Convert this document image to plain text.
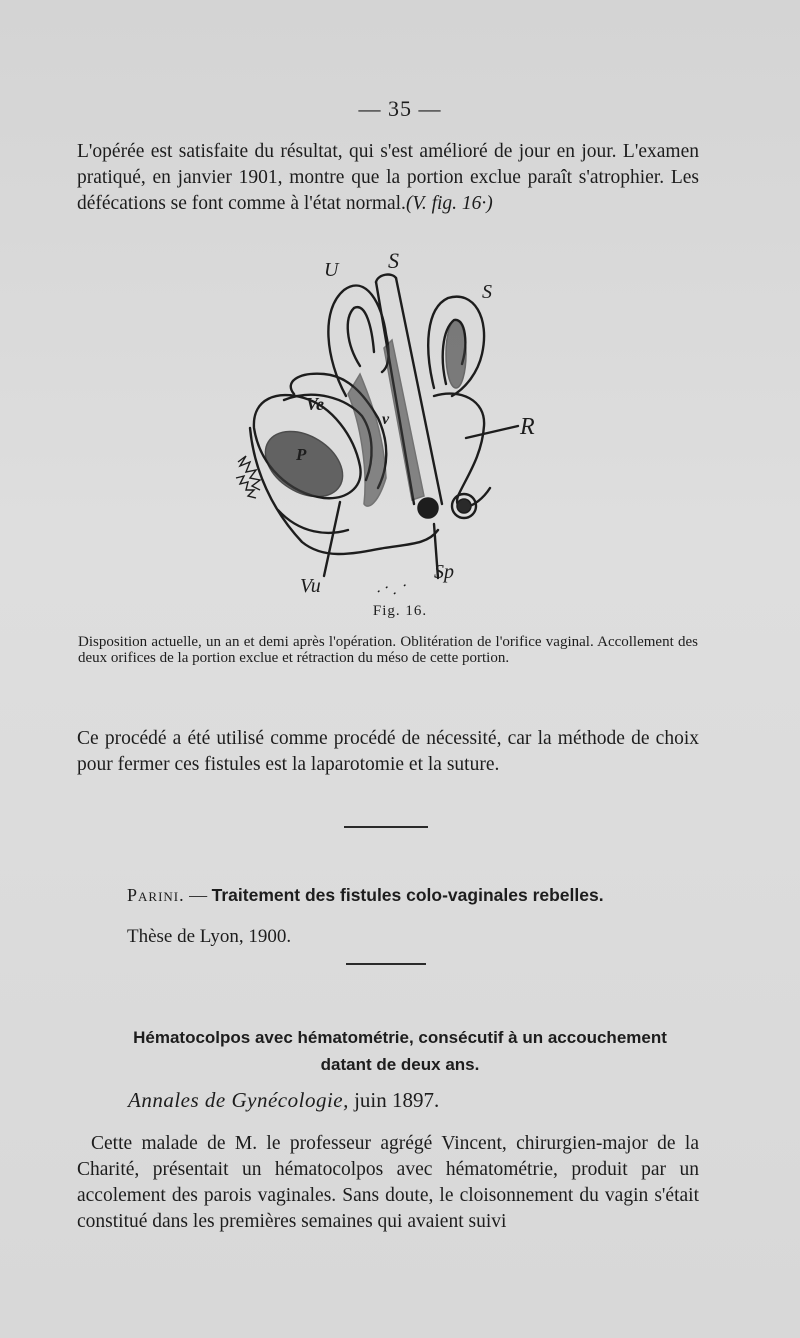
— 35 —
L'opérée est satisfaite du résultat, qui s'est amélioré de jour en jour. L'examen pratiqué, en janvier 1901, montre que la portion exclue paraît s'atrophier. Les défécations se font comme à l'état normal.(V. fig. 16·)
U S
S
Ve
v
P
R
Vu
Sp
Fig. 16.
Disposition actuelle, un an et demi après l'opération. Oblitération de l'orifice vaginal. Accollement des deux orifices de la portion exclue et rétraction du méso de cette portion.
Ce procédé a été utilisé comme procédé de nécessité, car la méthode de choix pour fermer ces fistules est la laparotomie et la suture.
Parini. — Traitement des fistules colo-vaginales rebelles.
Thèse de Lyon, 1900.
Hématocolpos avec hématométrie, consécutif à un accouchement
datant de deux ans.
Annales de Gynécologie, juin 1897.
Cette malade de M. le professeur agrégé Vincent, chirurgien-major de la Charité, présentait un hématocolpos avec hématométrie, produit par un accolement des parois vaginales. Sans doute, le cloisonnement du vagin s'était constitué dans les premières semaines qui avaient suivi
